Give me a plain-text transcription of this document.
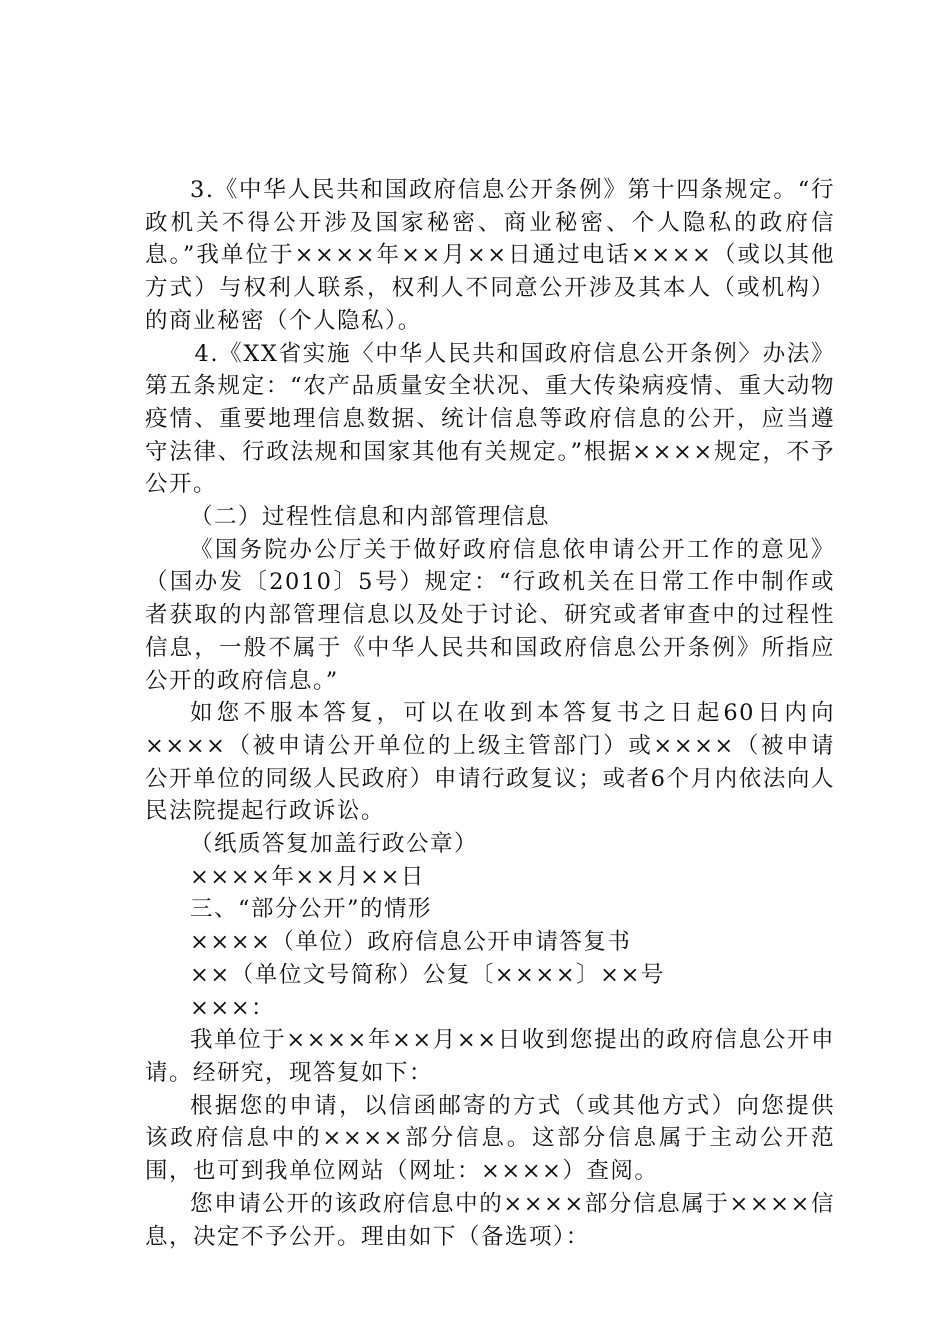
3.《中华人民共和国政府信息公开条例》第十四条规定。“行政机关不得公开涉及国家秘密、商业秘密、个人隐私的政府信息。”我单位于××××年××月××日通过电话××××（或以其他方式）与权利人联系，权利人不同意公开涉及其本人（或机构）的商业秘密（个人隐私）。

4.《XX省实施〈中华人民共和国政府信息公开条例〉办法》第五条规定：“农产品质量安全状况、重大传染病疫情、重大动物疫情、重要地理信息数据、统计信息等政府信息的公开，应当遵守法律、行政法规和国家其他有关规定。”根据××××规定，不予公开。

（二）过程性信息和内部管理信息

《国务院办公厅关于做好政府信息依申请公开工作的意见》（国办发〔2010〕5号）规定：“行政机关在日常工作中制作或者获取的内部管理信息以及处于讨论、研究或者审查中的过程性信息，一般不属于《中华人民共和国政府信息公开条例》所指应公开的政府信息。”

如您不服本答复，可以在收到本答复书之日起60日内向××××（被申请公开单位的上级主管部门）或××××（被申请公开单位的同级人民政府）申请行政复议；或者6个月内依法向人民法院提起行政诉讼。

（纸质答复加盖行政公章）

××××年××月××日

三、“部分公开”的情形

××××（单位）政府信息公开申请答复书

××（单位文号简称）公复〔××××〕××号

×××：

我单位于××××年××月××日收到您提出的政府信息公开申请。经研究，现答复如下：

根据您的申请，以信函邮寄的方式（或其他方式）向您提供该政府信息中的××××部分信息。这部分信息属于主动公开范围，也可到我单位网站（网址：××××）查阅。

您申请公开的该政府信息中的××××部分信息属于××××信息，决定不予公开。理由如下（备选项）：
